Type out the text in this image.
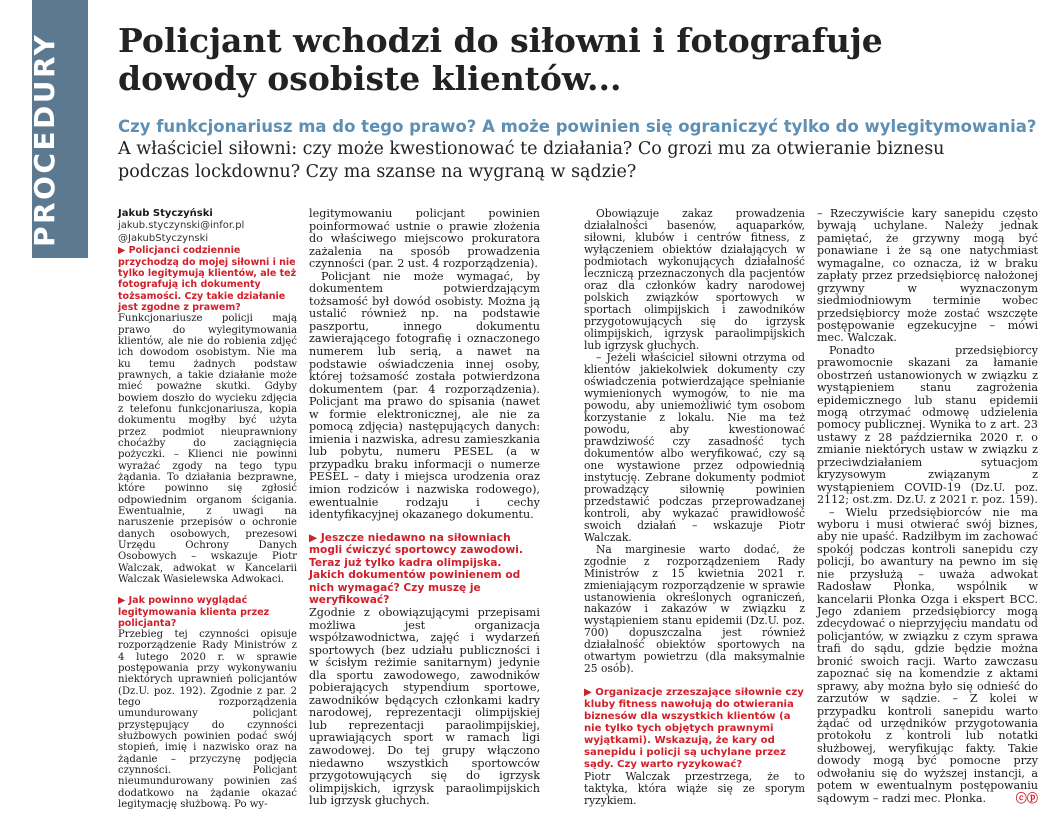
PROCEDURY Policjant wchodzi do siłowni i fotografuje dowody osobiste klientów...
Czy funkcjonariusz ma do tego prawo? A może powinien się ograniczyć tylko do wylegitymowania?
A właściciel siłowni: czy może kwestionować te działania? Co grozi mu za otwieranie biznesu podczas lockdownu? Czy ma szanse na wygraną w sądzie?

Jakub Styczyński

jakub.styczynski@infor.pl

@JakubStyczynski

▶ Policjanci codziennie przychodzą do mojej siłowni i nie tylko legitymują klientów, ale też fotografują ich dokumenty tożsamości. Czy takie działanie jest zgodne z prawem?

Funkcjonariusze policji mają prawo do wylegitymowania klientów, ale nie do robienia zdjęć ich dowodom osobistym. Nie ma ku temu żadnych podstaw prawnych, a takie działanie może mieć poważne skutki. Gdyby bowiem doszło do wycieku zdjęcia z telefonu funkcjonariusza, kopia dokumentu mogłby być użyta przez podmiot nieuprawniony choćażby do zaciągnięcia pożyczki. – Klienci nie powinni wyrażać zgody na tego typu żądania. To działania bezprawne, które powinno się zgłosić odpowiednim organom ścigania. Ewentualnie, z uwagi na naruszenie przepisów o ochronie danych osobowych, prezesowi Urzędu Ochrony Danych Osobowych – wskazuje Piotr Walczak, adwokat w Kancelarii Walczak Wasielewska Adwokaci.

▶ Jak powinno wyglądać legitymowania klienta przez policjanta?

Przebieg tej czynności opisuje rozporządzenie Rady Ministrów z 4 lutego 2020 r. w sprawie postępowania przy wykonywaniu niektórych uprawnień policjantów (Dz.U. poz. 192). Zgodnie z par. 2 tego rozporządzenia umundurowany policjant przystępujący do czynności służbowych powinien podać swój stopień, imię i nazwisko oraz na żądanie – przyczynę podjęcia czynności. Policjant nieumundurowany powinien zaś dodatkowo na żądanie okazać legitymację służbową. Po wy-

legitymowaniu policjant powinien poinformować ustnie o prawie złożenia do właściwego miejscowo prokuratora zażalenia na sposób prowadzenia czynności (par. 2 ust. 4 rozporządzenia).

Policjant nie może wymagać, by dokumentem potwierdzającym tożsamość był dowód osobisty. Można ją ustalić również np. na podstawie paszportu, innego dokumentu zawierającego fotografię i oznaczonego numerem lub serią, a nawet na podstawie oświadczenia innej osoby, której tożsamość została potwierdzona dokumentem (par. 4 rozporządzenia). Policjant ma prawo do spisania (nawet w formie elektronicznej, ale nie za pomocą zdjęcia) następujących danych: imienia i nazwiska, adresu zamieszkania lub pobytu, numeru PESEL (a w przypadku braku informacji o numerze PESEL – daty i miejsca urodzenia oraz imion rodziców i nazwiska rodowego), ewentualnie rodzaju i cechy identyfikacyjnej okazanego dokumentu.

▶ Jeszcze niedawno na siłowniach mogli ćwiczyć sportowcy zawodowi. Teraz już tylko kadra olimpijska. Jakich dokumentów powinienem od nich wymagać? Czy muszę je weryfikować?

Zgodnie z obowiązującymi przepisami możliwa jest organizacja współzawodnictwa, zajęć i wydarzeń sportowych (bez udziału publiczności i w ścisłym reżimie sanitarnym) jedynie dla sportu zawodowego, zawodników pobierających stypendium sportowe, zawodników będących członkami kadry narodowej, reprezentacji olimpijskiej lub reprezentacji paraolimpijskiej, uprawiających sport w ramach ligi zawodowej. Do tej grupy włączono niedawno wszystkich sportowców przygotowujących się do igrzysk olimpijskich, igrzysk paraolimpijskich lub igrzysk głuchych.

Obowiązuje zakaz prowadzenia działalności basenów, aquaparków, siłowni, klubów i centrów fitness, z wyłączeniem obiektów działających w podmiotach wykonujących działalność leczniczą przeznaczonych dla pacjentów oraz dla członków kadry narodowej polskich związków sportowych w sportach olimpijskich i zawodników przygotowujących się do igrzysk olimpijskich, igrzysk paraolimpijskich lub igrzysk głuchych.

– Jeżeli właściciel siłowni otrzyma od klientów jakiekolwiek dokumenty czy oświadczenia potwierdzające spełnianie wymienionych wymogów, to nie ma powodu, aby uniemożliwić tym osobom korzystanie z lokalu. Nie ma też powodu, aby kwestionować prawdziwość czy zasadność tych dokumentów albo weryfikować, czy są one wystawione przez odpowiednią instytucję. Zebrane dokumenty podmiot prowadzący siłownię powinien przedstawić podczas przeprowadzanej kontroli, aby wykazać prawidłowość swoich działań – wskazuje Piotr Walczak.

Na marginesie warto dodać, że zgodnie z rozporządzeniem Rady Ministrów z 15 kwietnia 2021 r. zmieniającym rozporządzenie w sprawie ustanowienia określonych ograniczeń, nakazów i zakazów w związku z wystąpieniem stanu epidemii (Dz.U. poz. 700) dopuszczalna jest również działalność obiektów sportowych na otwartym powietrzu (dla maksymalnie 25 osób).

▶ Organizacje zrzeszające siłownie czy kluby fitness nawołują do otwierania biznesów dla wszystkich klientów (a nie tylko tych objętych prawnymi wyjątkami). Wskazują, że kary od sanepidu i policji są uchylane przez sądy. Czy warto ryzykować?

Piotr Walczak przestrzega, że to taktyka, która wiąże się ze sporym ryzykiem.

– Rzeczywiście kary sanepidu często bywają uchylane. Należy jednak pamiętać, że grzywny mogą być ponawiane i że są one natychmiast wymagalne, co oznacza, iż w braku zapłaty przez przedsiębiorcę nałożonej grzywny w wyznaczonym siedmiodniowym terminie wobec przedsiębiorcy może zostać wszczęte postępowanie egzekucyjne – mówi mec. Walczak.

Ponadto przedsiębiorcy prawomocnie skazani za łamanie obostrzeń ustanowionych w związku z wystąpieniem stanu zagrożenia epidemicznego lub stanu epidemii mogą otrzymać odmowę udzielenia pomocy publicznej. Wynika to z art. 23 ustawy z 28 października 2020 r. o zmianie niektórych ustaw w związku z przeciwdziałaniem sytuacjom kryzysowym związanym z wystąpieniem COVID-19 (Dz.U. poz. 2112; ost.zm. Dz.U. z 2021 r. poz. 159).

– Wielu przedsiębiorców nie ma wyboru i musi otwierać swój biznes, aby nie upaść. Radziłbym im zachować spokój podczas kontroli sanepidu czy policji, bo awantury na pewno im się nie przysłużą – uważa adwokat Radosław Płonka, wspólnik w kancelarii Płonka Ozga i ekspert BCC. Jego zdaniem przedsiębiorcy mogą zdecydować o nieprzyjęciu mandatu od policjantów, w związku z czym sprawa trafi do sądu, gdzie będzie można bronić swoich racji. Warto zawczasu zapoznać się na komendzie z aktami sprawy, aby można było się odnieść do zarzutów w sądzie. – Z kolei w przypadku kontroli sanepidu warto żądać od urzędników przygotowania protokołu z kontroli lub notatki służbowej, weryfikując fakty. Takie dowody mogą być pomocne przy odwołaniu się do wyższej instancji, a potem w ewentualnym postępowaniu sądowym – radzi mec. Płonka.	ⓒⓟ
